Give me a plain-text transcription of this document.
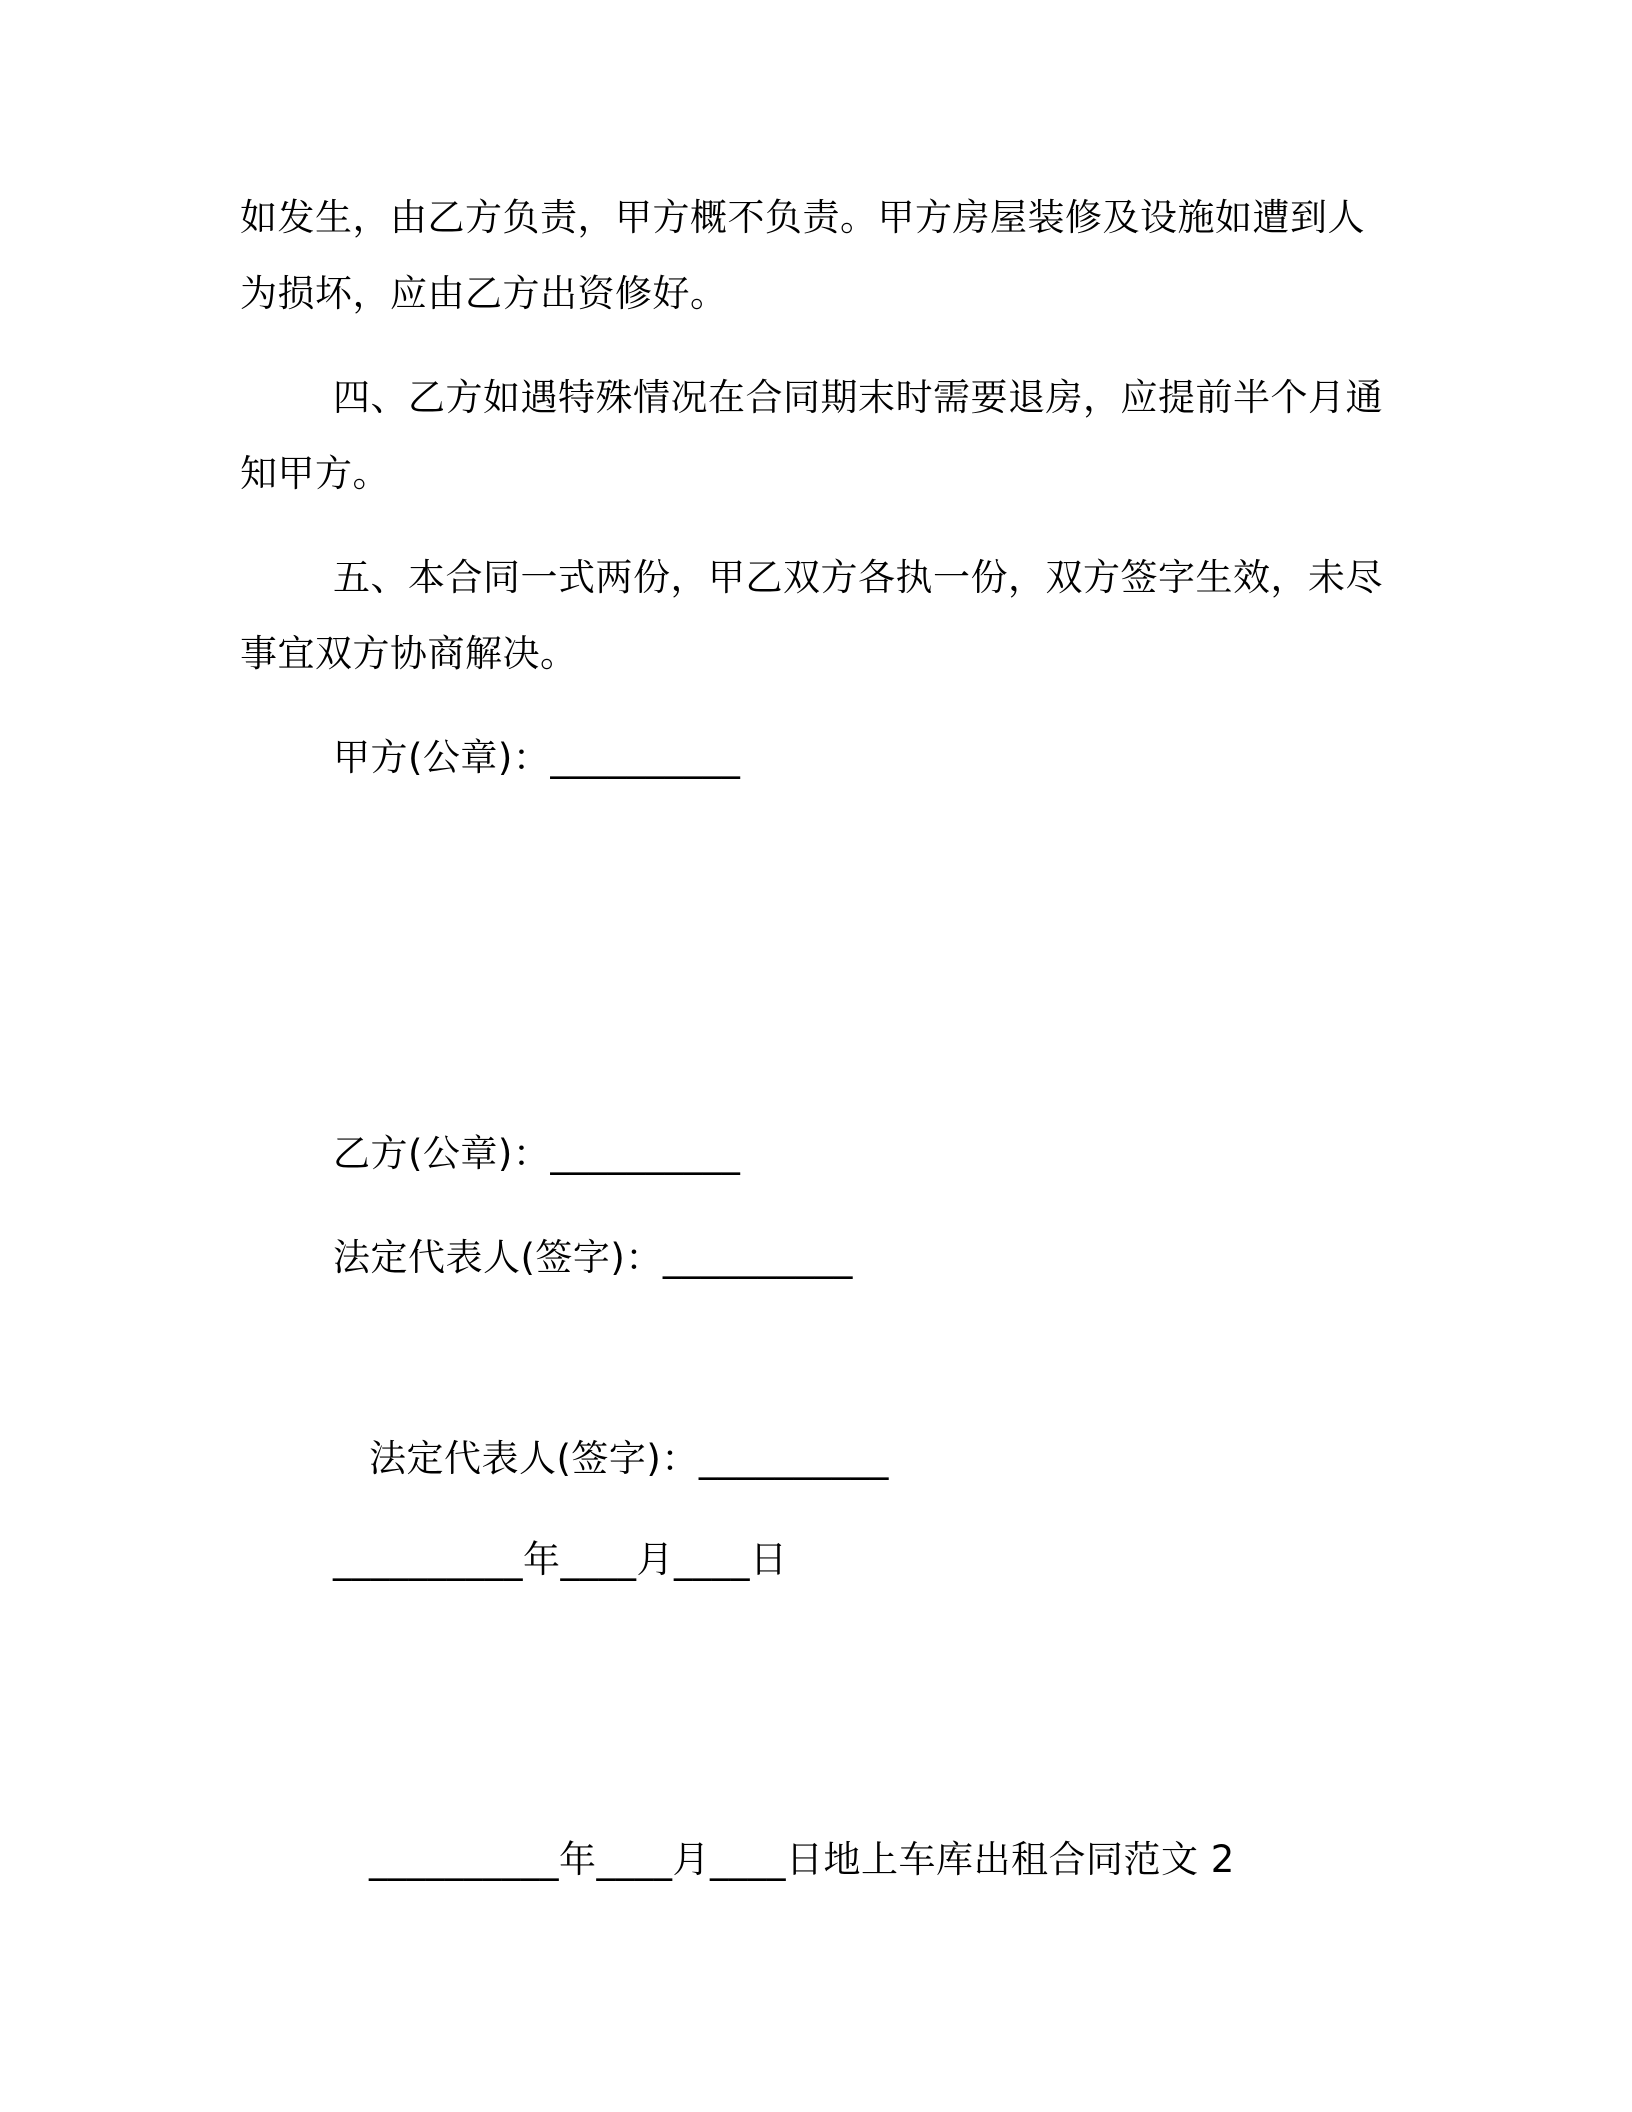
如发生，由乙方负责，甲方概不负责。甲方房屋装修及设施如遭到人
为损坏，应由乙方出资修好。
四、乙方如遇特殊情况在合同期末时需要退房，应提前半个月通
知甲方。
五、本合同一式两份，甲乙双方各执一份，双方签字生效，未尽
事宜双方协商解决。
甲方(公章)：__________
乙方(公章)：__________
法定代表人(签字)：__________
法定代表人(签字)：__________
__________年____月____日
__________年____月____日地上车库出租合同范文 2
